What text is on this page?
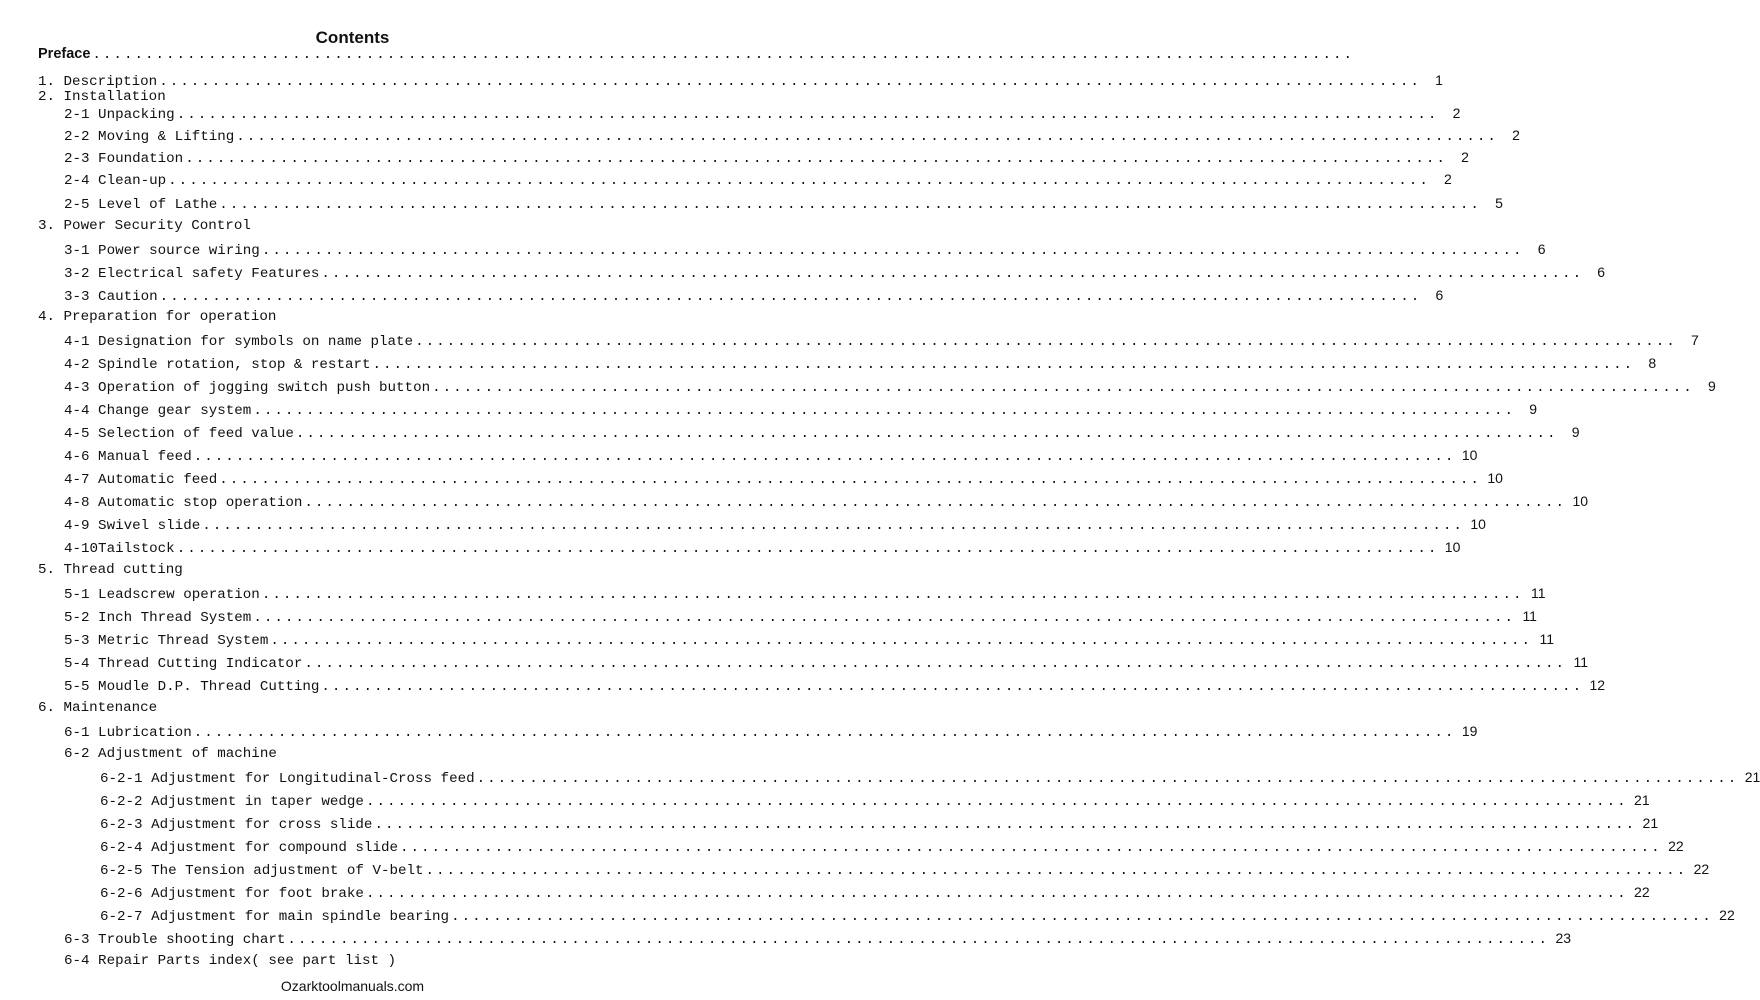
Contents
Preface ........................................................................................................................
1. Description ........................................................................................................................	1
2. Installation
2-1 Unpacking ........................................................................................................................	2
2-2 Moving & Lifting ........................................................................................................................	2
2-3 Foundation ........................................................................................................................	2
2-4 Clean-up ........................................................................................................................	2
2-5 Level of Lathe ........................................................................................................................	5
3. Power Security Control
3-1 Power source wiring ........................................................................................................................	6
3-2 Electrical safety Features ........................................................................................................................	6
3-3 Caution ........................................................................................................................	6
4. Preparation for operation
4-1 Designation for symbols on name plate ........................................................................................................................	7
4-2 Spindle rotation, stop & restart ........................................................................................................................	8
4-3 Operation of jogging switch push button ........................................................................................................................	9
4-4 Change gear system ........................................................................................................................	9
4-5 Selection of feed value ........................................................................................................................	9
4-6 Manual feed ........................................................................................................................ 10
4-7 Automatic feed ........................................................................................................................ 10
4-8 Automatic stop operation ........................................................................................................................ 10
4-9 Swivel slide ........................................................................................................................ 10
4-10Tailstock ........................................................................................................................ 10
5. Thread cutting
5-1 Leadscrew operation ........................................................................................................................ 11
5-2 Inch Thread System ........................................................................................................................ 11
5-3 Metric Thread System ........................................................................................................................ 11
5-4 Thread Cutting Indicator ........................................................................................................................ 11
5-5 Moudle D.P. Thread Cutting ........................................................................................................................ 12
6. Maintenance
6-1 Lubrication ........................................................................................................................ 19
6-2 Adjustment of machine
6-2-1 Adjustment for Longitudinal-Cross feed ........................................................................................................................ 21
6-2-2 Adjustment in taper wedge ........................................................................................................................ 21
6-2-3 Adjustment for cross slide ........................................................................................................................ 21
6-2-4 Adjustment for compound slide ........................................................................................................................ 22
6-2-5 The Tension adjustment of V-belt ........................................................................................................................ 22
6-2-6 Adjustment for foot brake ........................................................................................................................ 22
6-2-7 Adjustment for main spindle bearing ........................................................................................................................ 22
6-3 Trouble shooting chart ........................................................................................................................ 23
6-4 Repair Parts index( see part list )
Ozarktoolmanuals.com
